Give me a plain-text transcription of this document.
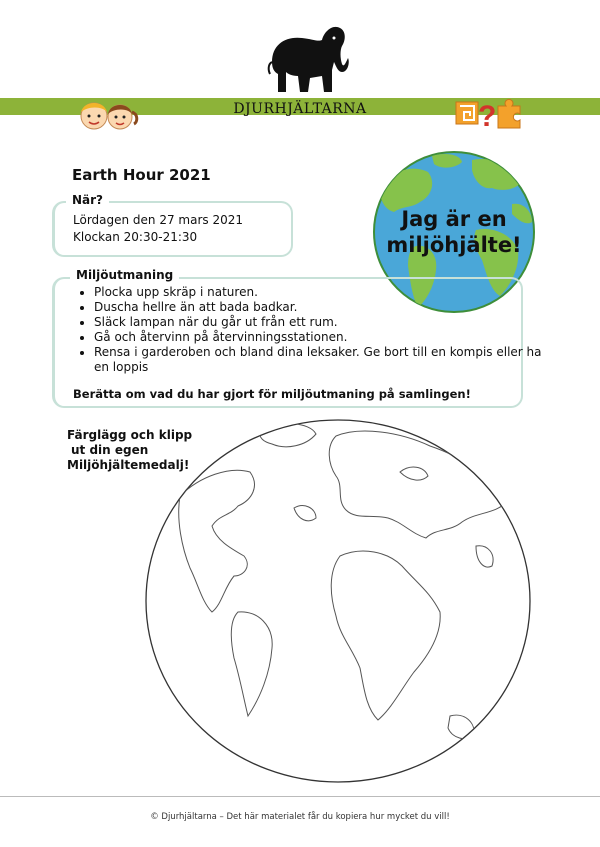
DJURHJÄLTARNA	?
Earth Hour 2021
När?
Lördagen den 27 mars 2021
Klockan 20:30-21:30
Jag är en
miljöhjälte!
Miljöutmaning
• Plocka upp skräp i naturen.
• Duscha hellre än att bada badkar.
• Släck lampan när du går ut från ett rum.
• Gå och återvinn på återvinningsstationen.
• Rensa i garderoben och bland dina leksaker. Ge bort till en kompis eller ha en loppis
Berätta om vad du har gjort för miljöutmaning på samlingen!
Färglägg och klipp
ut din egen
Miljöhjältemedalj!
© Djurhjältarna – Det här materialet får du kopiera hur mycket du vill!
